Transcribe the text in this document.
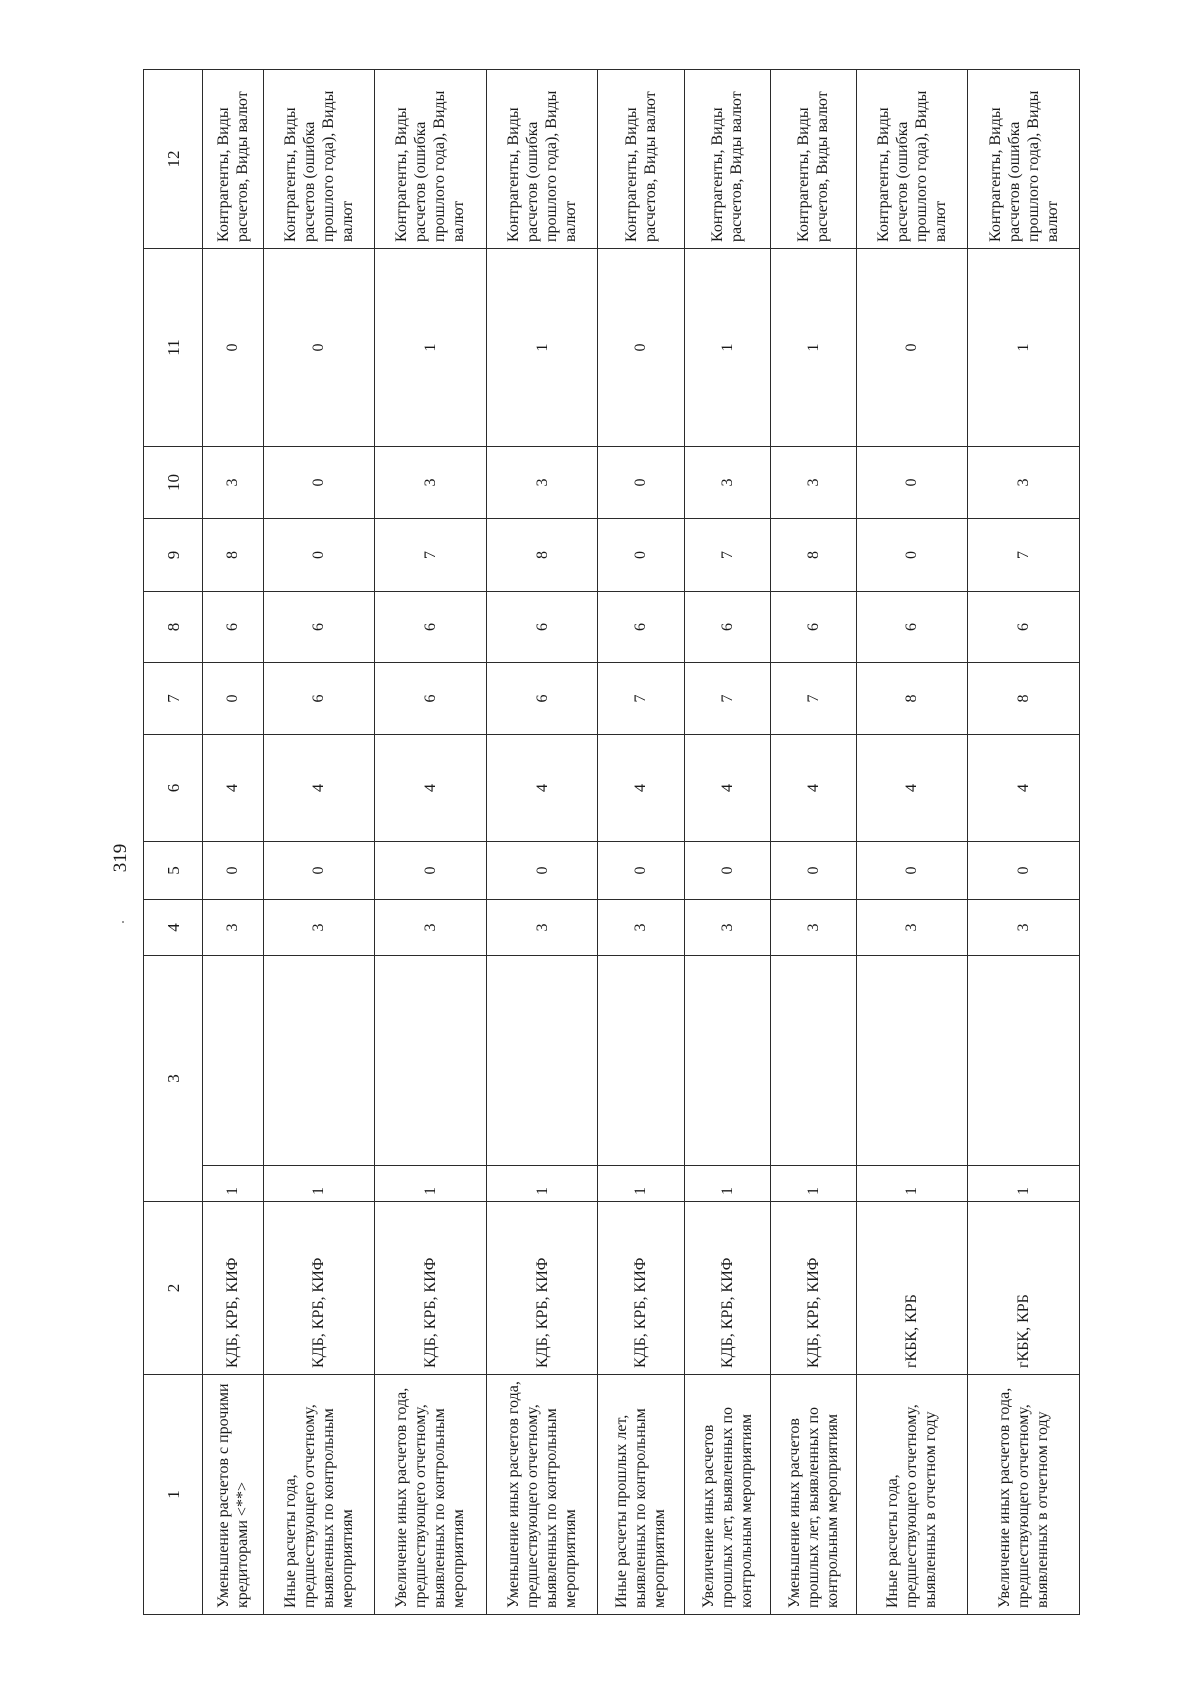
319
1	2	3		4	5	6	7	8	9	10	11	12
Уменьшение расчетов с прочими кредиторами <**>	КДБ, КРБ, КИФ	1		3	0	4	0	6	8	3	0	Контрагенты, Виды расчетов, Виды валют
Иные расчеты года, предшествующего отчетному, выявленных по контрольным мероприятиям	КДБ, КРБ, КИФ	1		3	0	4	6	6	0	0	0	Контрагенты, Виды расчетов (ошибка прошлого года), Виды валют
Увеличение иных расчетов года, предшествующего отчетному, выявленных по контрольным мероприятиям	КДБ, КРБ, КИФ	1		3	0	4	6	6	7	3	1	Контрагенты, Виды расчетов (ошибка прошлого года), Виды валют
Уменьшение иных расчетов года, предшествующего отчетному, выявленных по контрольным мероприятиям	КДБ, КРБ, КИФ	1		3	0	4	6	6	8	3	1	Контрагенты, Виды расчетов (ошибка прошлого года), Виды валют
Иные расчеты прошлых лет, выявленных по контрольным мероприятиям	КДБ, КРБ, КИФ	1		3	0	4	7	6	0	0	0	Контрагенты, Виды расчетов, Виды валют
Увеличение иных расчетов прошлых лет, выявленных по контрольным мероприятиям	КДБ, КРБ, КИФ	1		3	0	4	7	6	7	3	1	Контрагенты, Виды расчетов, Виды валют
Уменьшение иных расчетов прошлых лет, выявленных по контрольным мероприятиям	КДБ, КРБ, КИФ	1		3	0	4	7	6	8	3	1	Контрагенты, Виды расчетов, Виды валют
Иные расчеты года, предшествующего отчетному, выявленных в отчетном году	гКБК, КРБ	1		3	0	4	8	6	0	0	0	Контрагенты, Виды расчетов (ошибка прошлого года), Виды валют
Увеличение иных расчетов года, предшествующего отчетному, выявленных в отчетном году	гКБК, КРБ	1		3	0	4	8	6	7	3	1	Контрагенты, Виды расчетов (ошибка прошлого года), Виды валют
